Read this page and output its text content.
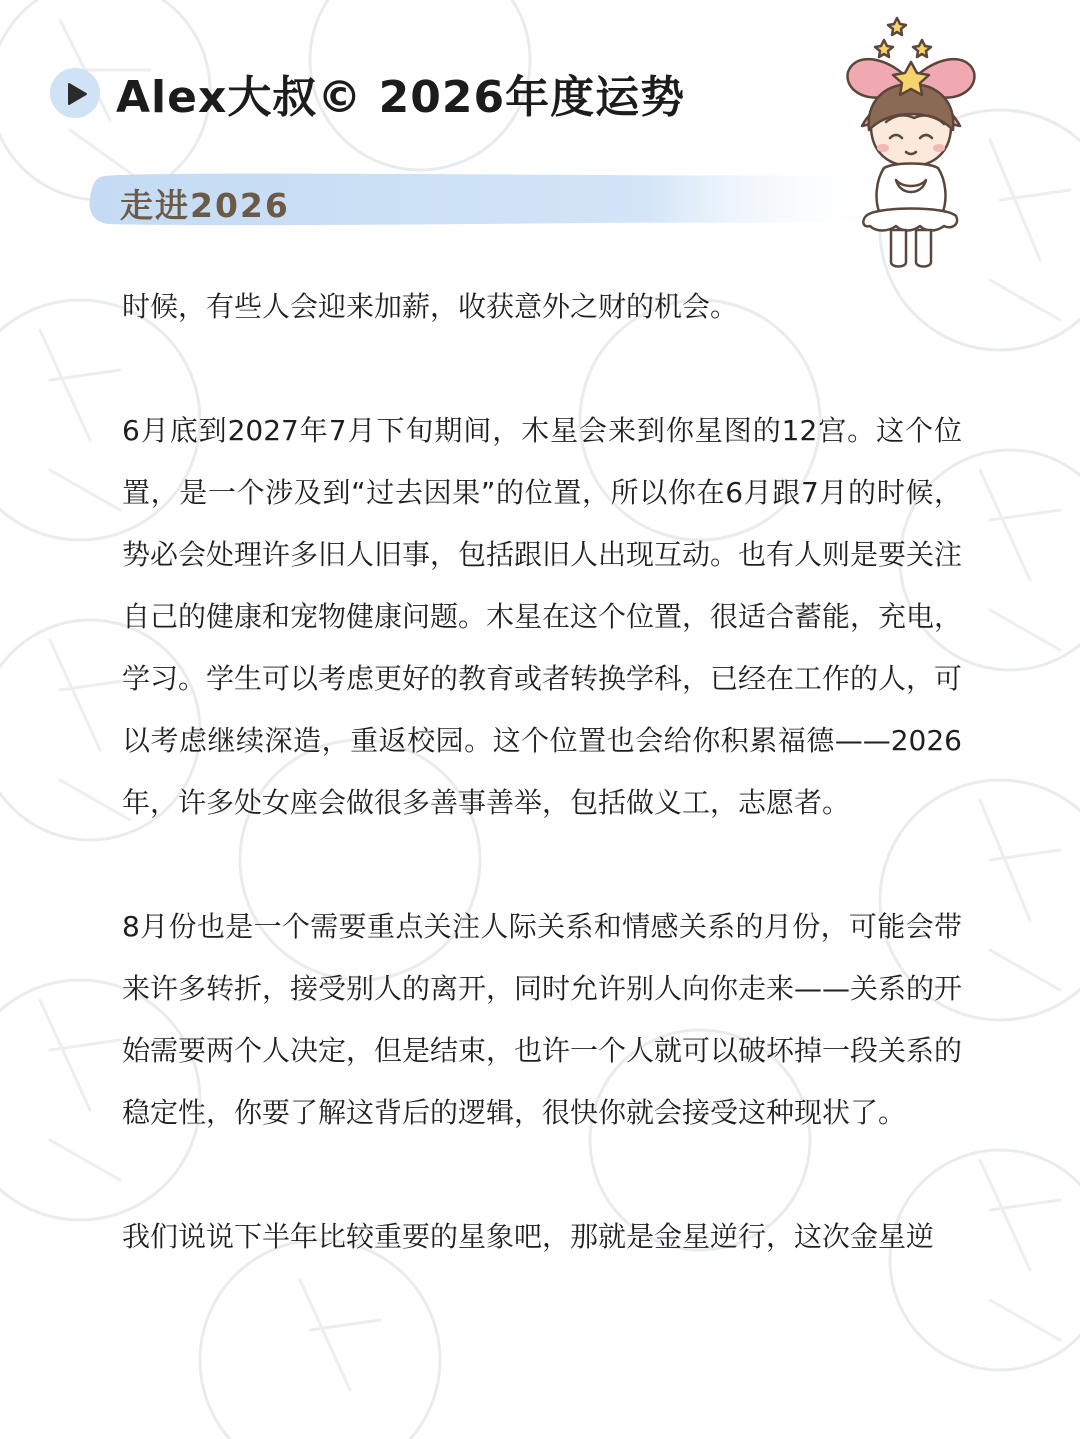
Alex大叔© 2026年度运势
走进2026

时候，有些人会迎来加薪，收获意外之财的机会。

6月底到2027年7月下旬期间，木星会来到你星图的12宫。这个位置，是一个涉及到“过去因果”的位置，所以你在6月跟7月的时候，势必会处理许多旧人旧事，包括跟旧人出现互动。也有人则是要关注自己的健康和宠物健康问题。木星在这个位置，很适合蓄能，充电，学习。学生可以考虑更好的教育或者转换学科，已经在工作的人，可以考虑继续深造，重返校园。这个位置也会给你积累福德——2026年，许多处女座会做很多善事善举，包括做义工，志愿者。

8月份也是一个需要重点关注人际关系和情感关系的月份，可能会带来许多转折，接受别人的离开，同时允许别人向你走来——关系的开始需要两个人决定，但是结束，也许一个人就可以破坏掉一段关系的稳定性，你要了解这背后的逻辑，很快你就会接受这种现状了。

我们说说下半年比较重要的星象吧，那就是金星逆行，这次金星逆
